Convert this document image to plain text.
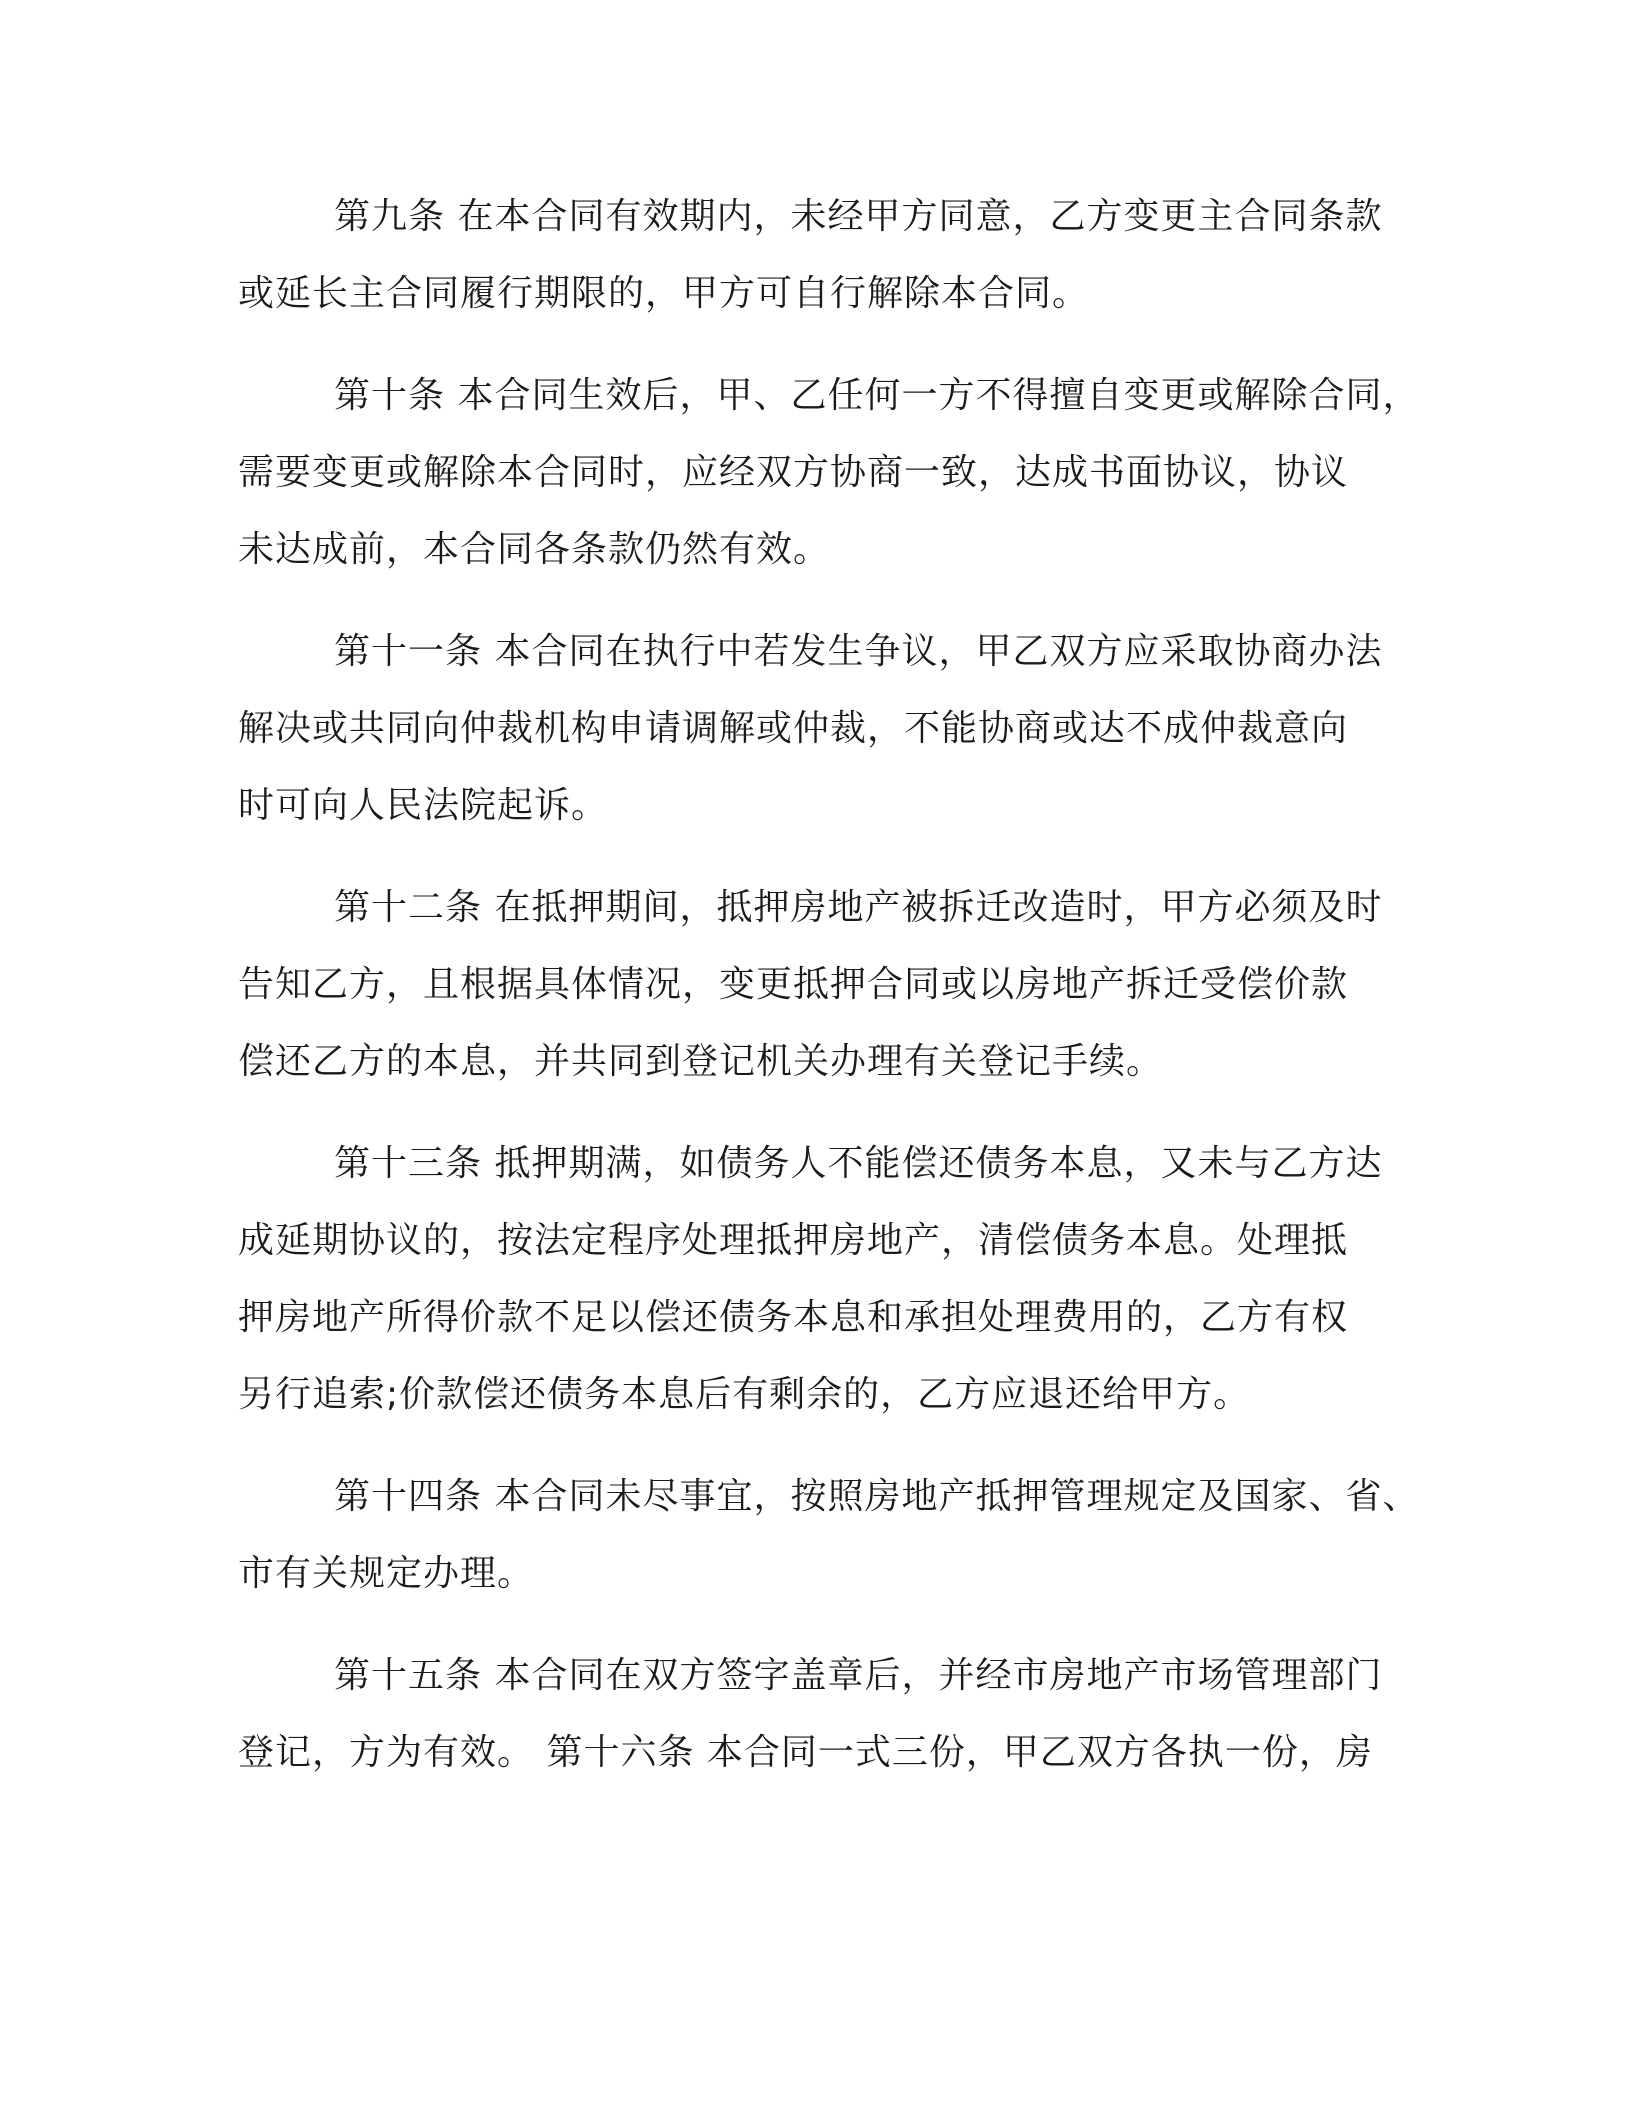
第九条 在本合同有效期内，未经甲方同意，乙方变更主合同条款
或延长主合同履行期限的，甲方可自行解除本合同。
第十条 本合同生效后，甲、乙任何一方不得擅自变更或解除合同，
需要变更或解除本合同时，应经双方协商一致，达成书面协议，协议
未达成前，本合同各条款仍然有效。
第十一条 本合同在执行中若发生争议，甲乙双方应采取协商办法
解决或共同向仲裁机构申请调解或仲裁，不能协商或达不成仲裁意向
时可向人民法院起诉。
第十二条 在抵押期间，抵押房地产被拆迁改造时，甲方必须及时
告知乙方，且根据具体情况，变更抵押合同或以房地产拆迁受偿价款
偿还乙方的本息，并共同到登记机关办理有关登记手续。
第十三条 抵押期满，如债务人不能偿还债务本息，又未与乙方达
成延期协议的，按法定程序处理抵押房地产，清偿债务本息。处理抵
押房地产所得价款不足以偿还债务本息和承担处理费用的，乙方有权
另行追索;价款偿还债务本息后有剩余的，乙方应退还给甲方。
第十四条 本合同未尽事宜，按照房地产抵押管理规定及国家、省、
市有关规定办理。
第十五条 本合同在双方签字盖章后，并经市房地产市场管理部门
登记，方为有效。 第十六条 本合同一式三份，甲乙双方各执一份，房
